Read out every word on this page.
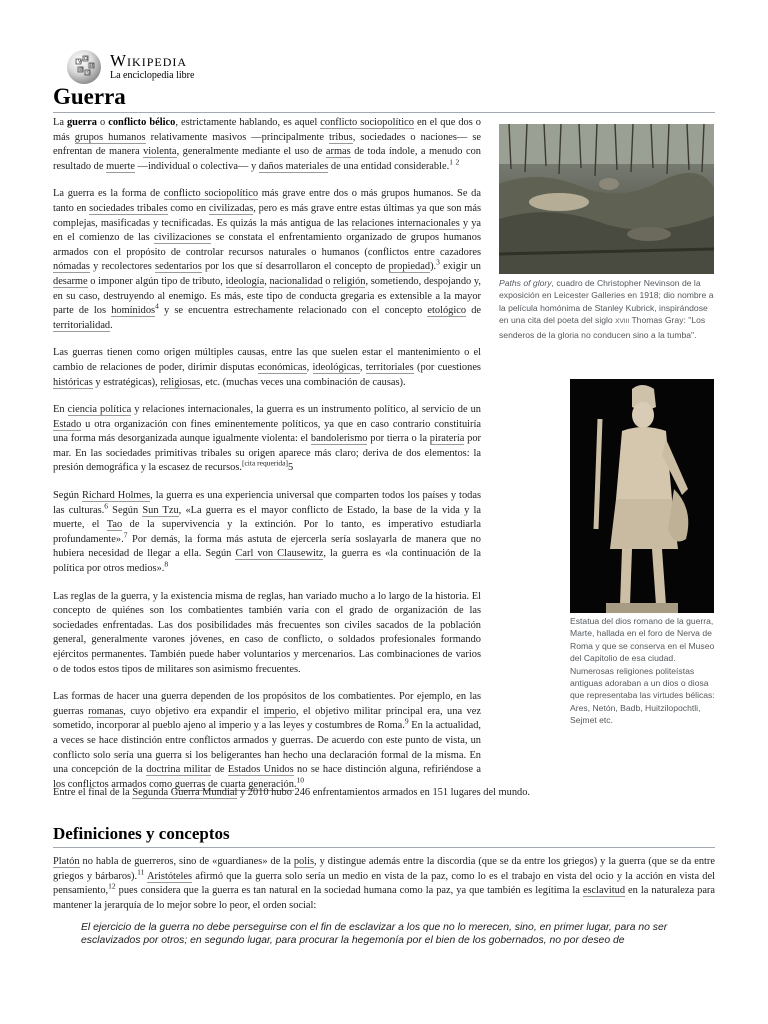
W
Ω
И
維
ウ
Wikipedia
La enciclopedia libre
Guerra

La guerra o conflicto bélico, estrictamente hablando, es aquel conflicto sociopolítico en el que dos o más grupos humanos relativamente masivos —principalmente tribus, sociedades o naciones— se enfrentan de manera violenta, generalmente mediante el uso de armas de toda índole, a menudo con resultado de muerte —individual o colectiva— y daños materiales de una entidad considerable.$^1$ $^2$

La guerra es la forma de conflicto sociopolítico más grave entre dos o más grupos humanos. Se da tanto en sociedades tribales como en civilizadas, pero es más grave entre estas últimas ya que son más complejas, masificadas y tecnificadas. Es quizás la más antigua de las relaciones internacionales y ya en el comienzo de las civilizaciones se constata el enfrentamiento organizado de grupos humanos armados con el propósito de controlar recursos naturales o humanos (conflictos entre cazadores nómadas y recolectores sedentarios por los que sí desarrollaron el concepto de propiedad).$^3$ exigir un desarme o imponer algún tipo de tributo, ideología, nacionalidad o religión, sometiendo, despojando y, en su caso, destruyendo al enemigo. Es más, este tipo de conducta gregaria es extensible a la mayor parte de los homínidos$^4$ y se encuentra estrechamente relacionado con el concepto etológico de territorialidad.

Las guerras tienen como origen múltiples causas, entre las que suelen estar el mantenimiento o el cambio de relaciones de poder, dirimir disputas económicas, ideológicas, territoriales (por cuestiones históricas y estratégicas), religiosas, etc. (muchas veces una combinación de causas).

En ciencia política y relaciones internacionales, la guerra es un instrumento político, al servicio de un Estado u otra organización con fines eminentemente políticos, ya que en caso contrario constituiría una forma más desorganizada aunque igualmente violenta: el bandolerismo por tierra o la piratería por mar. En las sociedades primitivas tribales su origen aparece más claro; deriva de dos elementos: la presión demográfica y la escasez de recursos.[cita requerida]5

Según Richard Holmes, la guerra es una experiencia universal que comparten todos los países y todas las culturas.$^6$ Según Sun Tzu, «La guerra es el mayor conflicto de Estado, la base de la vida y la muerte, el Tao de la supervivencia y la extinción. Por lo tanto, es imperativo estudiarla profundamente».$^7$ Por demás, la forma más astuta de ejercerla sería soslayarla de manera que no hubiera necesidad de llegar a ella. Según Carl von Clausewitz, la guerra es «la continuación de la política por otros medios».$^8$

Las reglas de la guerra, y la existencia misma de reglas, han variado mucho a lo largo de la historia. El concepto de quiénes son los combatientes también varía con el grado de organización de las sociedades enfrentadas. Las dos posibilidades más frecuentes son civiles sacados de la población general, generalmente varones jóvenes, en caso de conflicto, o soldados profesionales formando ejércitos permanentes. También puede haber voluntarios y mercenarios. Las combinaciones de varios o de todos estos tipos de militares son asimismo frecuentes.

Las formas de hacer una guerra dependen de los propósitos de los combatientes. Por ejemplo, en las guerras romanas, cuyo objetivo era expandir el imperio, el objetivo militar principal era, una vez sometido, incorporar al pueblo ajeno al imperio y a las leyes y costumbres de Roma.$^9$ En la actualidad, a veces se hace distinción entre conflictos armados y guerras. De acuerdo con este punto de vista, un conflicto solo sería una guerra si los beligerantes han hecho una declaración formal de la misma. En una concepción de la doctrina militar de Estados Unidos no se hace distinción alguna, refiriéndose a los conflictos armados como guerras de cuarta generación.$^{10}$

Paths of glory, cuadro de Christopher Nevinson de la exposición en Leicester Galleries en 1918; dio nombre a la película homónima de Stanley Kubrick, inspirándose en una cita del poeta del siglo XVIII Thomas Gray: "Los senderos de la gloria no conducen sino a la tumba".
Estatua del dios romano de la guerra, Marte, hallada en el foro de Nerva de Roma y que se conserva en el Museo del Capitolio de esa ciudad. Numerosas religiones politeístas antiguas adoraban a un dios o diosa que representaba las virtudes bélicas: Ares, Netón, Badb, Huitzilopochtli, Sejmet etc.

Entre el final de la Segunda Guerra Mundial y 2010 hubo 246 enfrentamientos armados en 151 lugares del mundo.

Definiciones y conceptos

Platón no habla de guerreros, sino de «guardianes» de la polis, y distingue además entre la discordia (que se da entre los griegos) y la guerra (que se da entre griegos y bárbaros).$^{11}$ Aristóteles afirmó que la guerra solo sería un medio en vista de la paz, como lo es el trabajo en vista del ocio y la acción en vista del pensamiento,$^{12}$ pues considera que la guerra es tan natural en la sociedad humana como la paz, ya que también es legítima la esclavitud en la naturaleza para mantener la jerarquía de lo mejor sobre lo peor, el orden social:

El ejercicio de la guerra no debe perseguirse con el fin de esclavizar a los que no lo merecen, sino, en primer lugar, para no ser esclavizados por otros; en segundo lugar, para procurar la hegemonía por el bien de los gobernados, no por deseo de
